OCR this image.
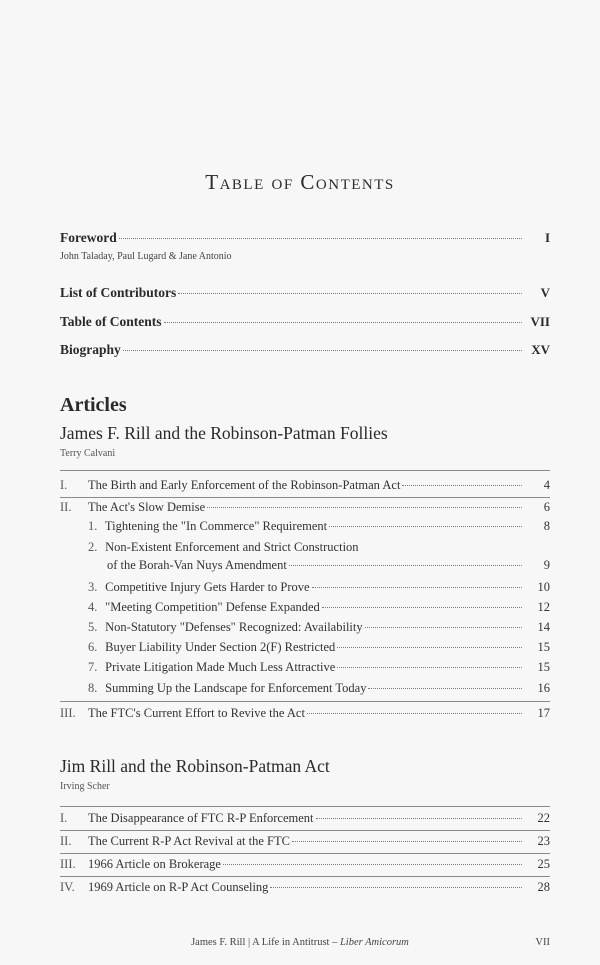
Table of Contents
Foreword	I
John Taladay, Paul Lugard & Jane Antonio
List of Contributors	V
Table of Contents	VII
Biography	XV
Articles
James F. Rill and the Robinson-Patman Follies
Terry Calvani
I. The Birth and Early Enforcement of the Robinson-Patman Act	4
II. The Act's Slow Demise	6
1. Tightening the "In Commerce" Requirement	8
2. Non-Existent Enforcement and Strict Construction
of the Borah-Van Nuys Amendment	9
3. Competitive Injury Gets Harder to Prove	10
4. "Meeting Competition" Defense Expanded	12
5. Non-Statutory "Defenses" Recognized: Availability	14
6. Buyer Liability Under Section 2(F) Restricted	15
7. Private Litigation Made Much Less Attractive	15
8. Summing Up the Landscape for Enforcement Today	16
III. The FTC's Current Effort to Revive the Act	17
Jim Rill and the Robinson-Patman Act
Irving Scher
I. The Disappearance of FTC R-P Enforcement	22
II. The Current R-P Act Revival at the FTC	23
III. 1966 Article on Brokerage	25
IV. 1969 Article on R-P Act Counseling	28
James F. Rill | A Life in Antitrust – Liber Amicorum	VII
